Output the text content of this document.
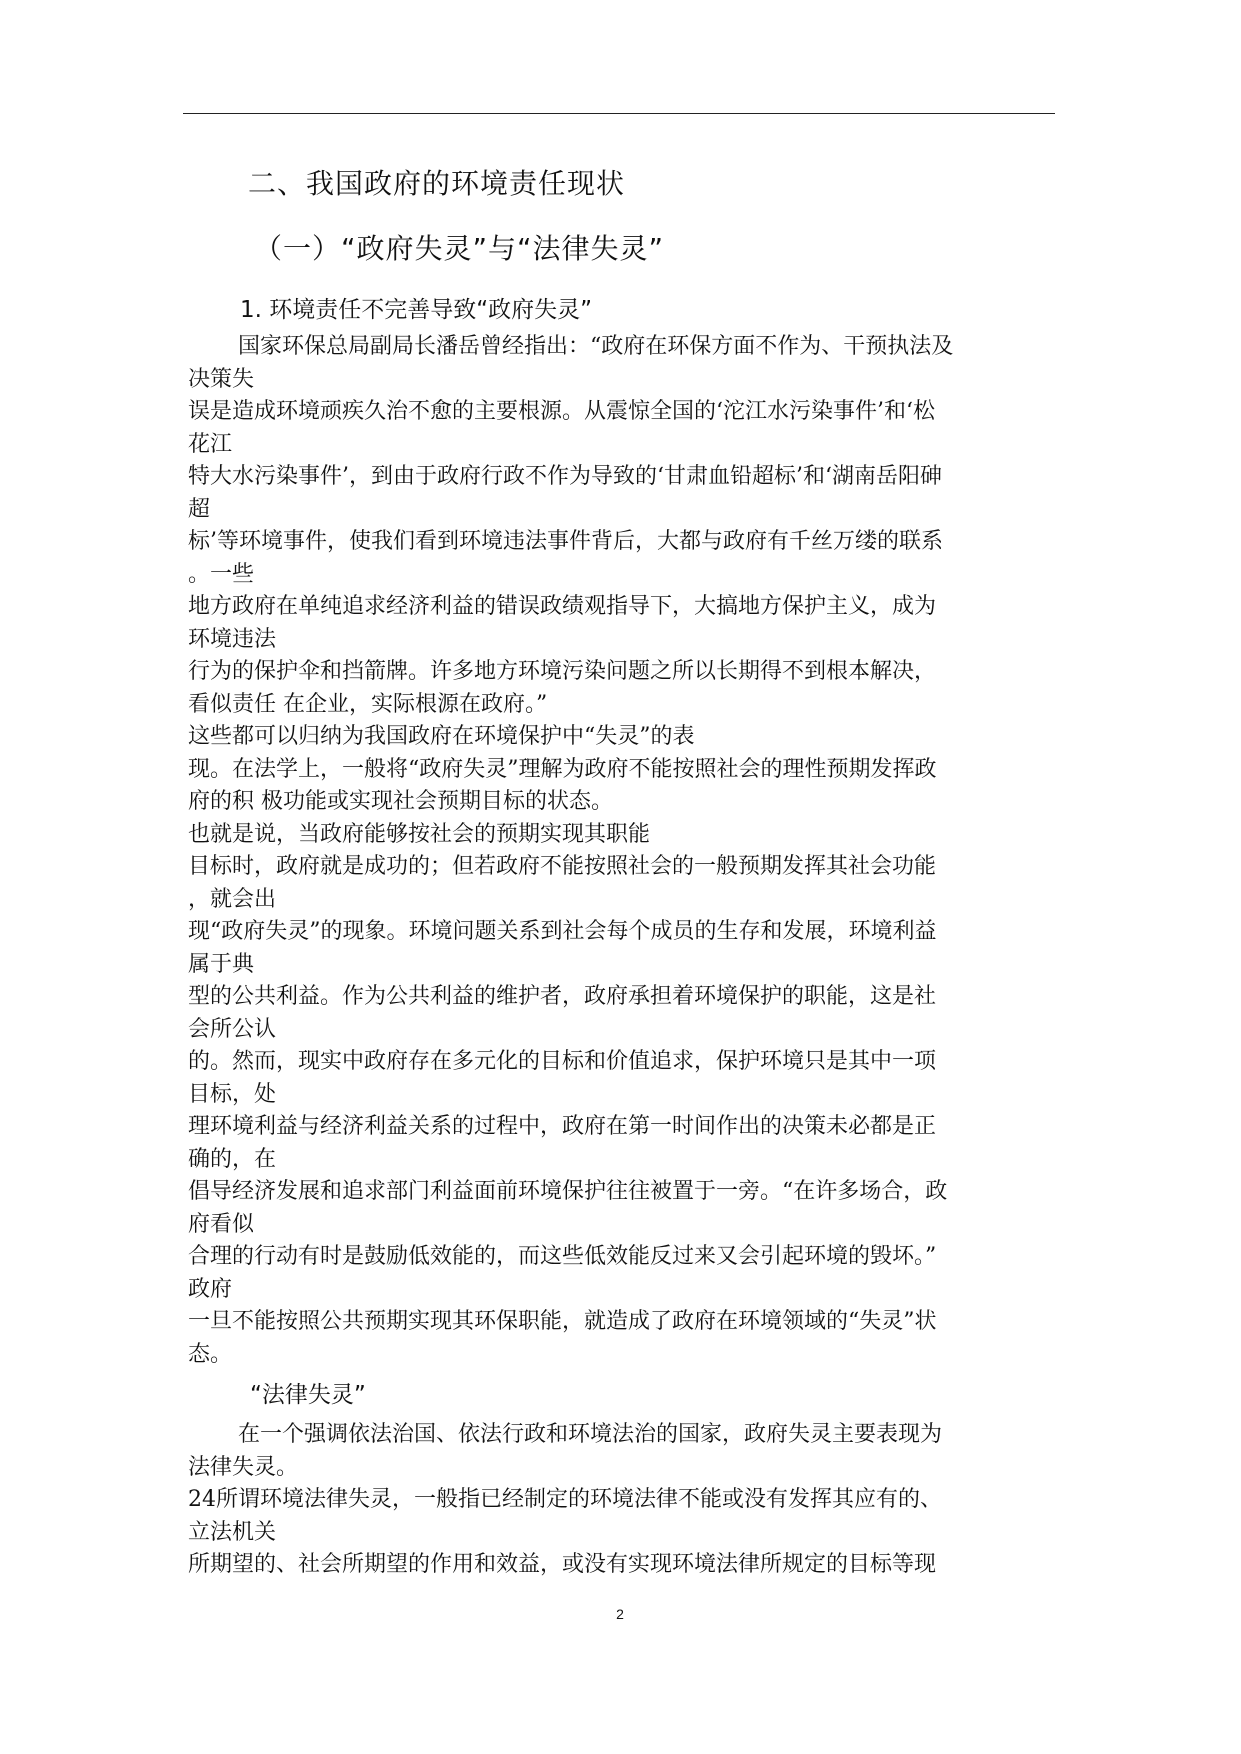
二、我国政府的环境责任现状
（一）“政府失灵”与“法律失灵”
1. 环境责任不完善导致“政府失灵”
国家环保总局副局长潘岳曾经指出：“政府在环保方面不作为、干预执法及
决策失
误是造成环境顽疾久治不愈的主要根源。从震惊全国的‘沱江水污染事件’和‘松
花江
特大水污染事件’，到由于政府行政不作为导致的‘甘肃血铅超标’和‘湖南岳阳砷
超
标’等环境事件，使我们看到环境违法事件背后，大都与政府有千丝万缕的联系
。一些
地方政府在单纯追求经济利益的错误政绩观指导下，大搞地方保护主义，成为
环境违法
行为的保护伞和挡箭牌。许多地方环境污染问题之所以长期得不到根本解决，
看似责任 在企业，实际根源在政府。”
这些都可以归纳为我国政府在环境保护中“失灵”的表
现。在法学上，一般将“政府失灵”理解为政府不能按照社会的理性预期发挥政
府的积 极功能或实现社会预期目标的状态。
也就是说，当政府能够按社会的预期实现其职能
目标时，政府就是成功的；但若政府不能按照社会的一般预期发挥其社会功能
，就会出
现“政府失灵”的现象。环境问题关系到社会每个成员的生存和发展，环境利益
属于典
型的公共利益。作为公共利益的维护者，政府承担着环境保护的职能，这是社
会所公认
的。然而，现实中政府存在多元化的目标和价值追求，保护环境只是其中一项
目标，处
理环境利益与经济利益关系的过程中，政府在第一时间作出的决策未必都是正
确的，在
倡导经济发展和追求部门利益面前环境保护往往被置于一旁。“在许多场合，政
府看似
合理的行动有时是鼓励低效能的，而这些低效能反过来又会引起环境的毁坏。”
政府
一旦不能按照公共预期实现其环保职能，就造成了政府在环境领域的“失灵”状
态。
“法律失灵”
在一个强调依法治国、依法行政和环境法治的国家，政府失灵主要表现为
法律失灵。
24所谓环境法律失灵，一般指已经制定的环境法律不能或没有发挥其应有的、
立法机关
所期望的、社会所期望的作用和效益，或没有实现环境法律所规定的目标等现
2
